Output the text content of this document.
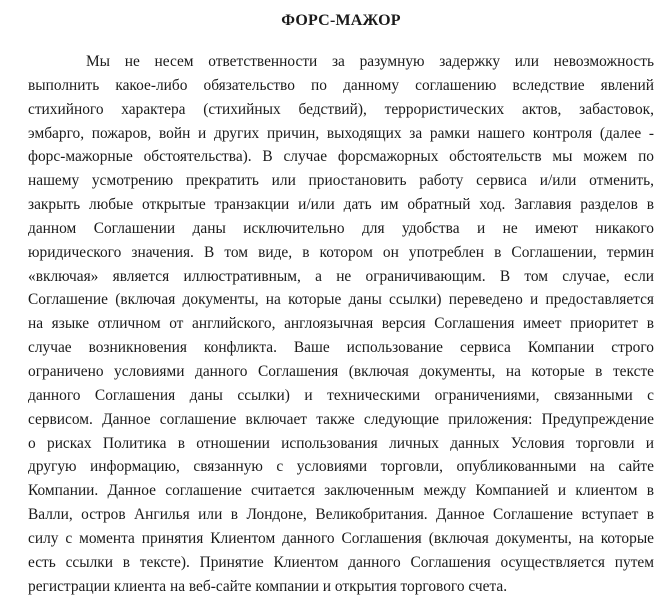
ФОРС-МАЖОР
Мы не несем ответственности за разумную задержку или невозможность
выполнить какое-либо обязательство по данному соглашению вследствие явлений
стихийного характера (стихийных бедствий), террористических актов, забастовок,
эмбарго, пожаров, войн и других причин, выходящих за рамки нашего контроля (далее -
форс-мажорные обстоятельства). В случае форсмажорных обстоятельств мы можем по
нашему усмотрению прекратить или приостановить работу сервиса и/или отменить,
закрыть любые открытые транзакции и/или дать им обратный ход. Заглавия разделов в
данном Соглашении даны исключительно для удобства и не имеют никакого
юридического значения. В том виде, в котором он употреблен в Соглашении, термин
«включая» является иллюстративным, а не ограничивающим. В том случае, если
Соглашение (включая документы, на которые даны ссылки) переведено и предоставляется
на языке отличном от английского, англоязычная версия Соглашения имеет приоритет в
случае возникновения конфликта. Ваше использование сервиса Компании строго
ограничено условиями данного Соглашения (включая документы, на которые в тексте
данного Соглашения даны ссылки) и техническими ограничениями, связанными с
сервисом. Данное соглашение включает также следующие приложения: Предупреждение
о рисках Политика в отношении использования личных данных Условия торговли и
другую информацию, связанную с условиями торговли, опубликованными на сайте
Компании. Данное соглашение считается заключенным между Компанией и клиентом в
Валли, остров Ангилья или в Лондоне, Великобритания. Данное Соглашение вступает в
силу с момента принятия Клиентом данного Соглашения (включая документы, на которые
есть ссылки в тексте). Принятие Клиентом данного Соглашения осуществляется путем
регистрации клиента на веб-сайте компании и открытия торгового счета.
